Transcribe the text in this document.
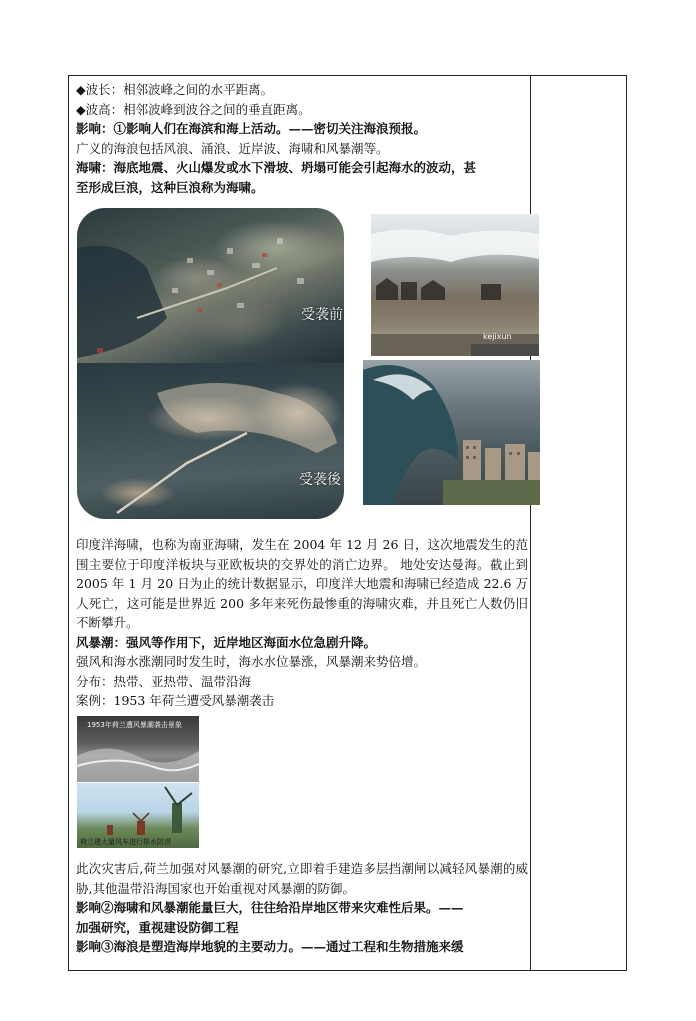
◆波长：相邻波峰之间的水平距离。
◆波高：相邻波峰到波谷之间的垂直距离。
影响：①影响人们在海滨和海上活动。——密切关注海浪预报。
广义的海浪包括风浪、涌浪、近岸波、海啸和风暴潮等。
海啸：海底地震、火山爆发或水下滑坡、坍塌可能会引起海水的波动，甚
至形成巨浪，这种巨浪称为海啸。
受袭前
受袭後
kejixun
印度洋海啸，也称为南亚海啸，发生在 2004 年 12 月 26 日，这次地震发生的范围主要位于印度洋板块与亚欧板块的交界处的消亡边界。 地处安达曼海。截止到 2005 年 1 月 20 日为止的统计数据显示，印度洋大地震和海啸已经造成 22.6 万人死亡，这可能是世界近 200 多年来死伤最惨重的海啸灾难，并且死亡人数仍旧不断攀升。
风暴潮：强风等作用下，近岸地区海面水位急剧升降。
强风和海水涨潮同时发生时，海水水位暴涨，风暴潮来势倍增。
分布：热带、亚热带、温带沿海
案例：1953 年荷兰遭受风暴潮袭击
1953年荷兰遭风暴潮袭击景象
荷兰建大量风车进行排水防涝
此次灾害后,荷兰加强对风暴潮的研究,立即着手建造多层挡潮闸以减轻风暴潮的威胁,其他温带沿海国家也开始重视对风暴潮的防御。
影响②海啸和风暴潮能量巨大，往往给沿岸地区带来灾难性后果。——
加强研究，重视建设防御工程
影响③海浪是塑造海岸地貌的主要动力。——通过工程和生物措施来缓
